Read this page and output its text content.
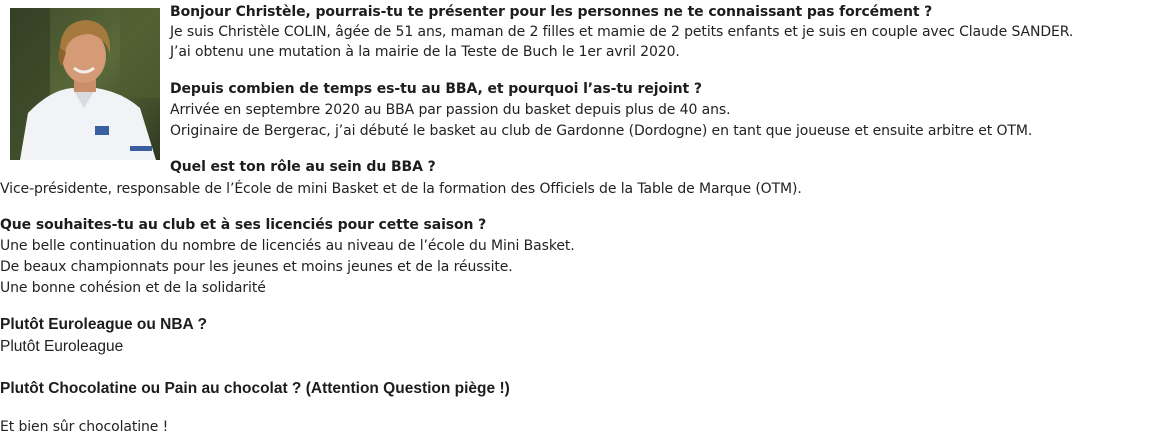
Bonjour Christèle, pourrais-tu te présenter pour les personnes ne te connaissant pas forcément ?
Je suis Christèle COLIN, âgée de 51 ans, maman de 2 filles et mamie de 2 petits enfants et je suis en couple avec Claude SANDER.
J’ai obtenu une mutation à la mairie de la Teste de Buch le 1er avril 2020.
Depuis combien de temps es-tu au BBA, et pourquoi l’as-tu rejoint ?
Arrivée en septembre 2020 au BBA par passion du basket depuis plus de 40 ans.
Originaire de Bergerac, j’ai débuté le basket au club de Gardonne (Dordogne) en tant que joueuse et ensuite arbitre et OTM.
Quel est ton rôle au sein du BBA ?
Vice-présidente, responsable de l’École de mini Basket et de la formation des Officiels de la Table de Marque (OTM).
Que souhaites-tu au club et à ses licenciés pour cette saison ?
Une belle continuation du nombre de licenciés au niveau de l’école du Mini Basket.
De beaux championnats pour les jeunes et moins jeunes et de la réussite.
Une bonne cohésion et de la solidarité
Plutôt Euroleague ou NBA ?
Plutôt Euroleague
Plutôt Chocolatine ou Pain au chocolat ? (Attention Question piège !)
Et bien sûr chocolatine !
